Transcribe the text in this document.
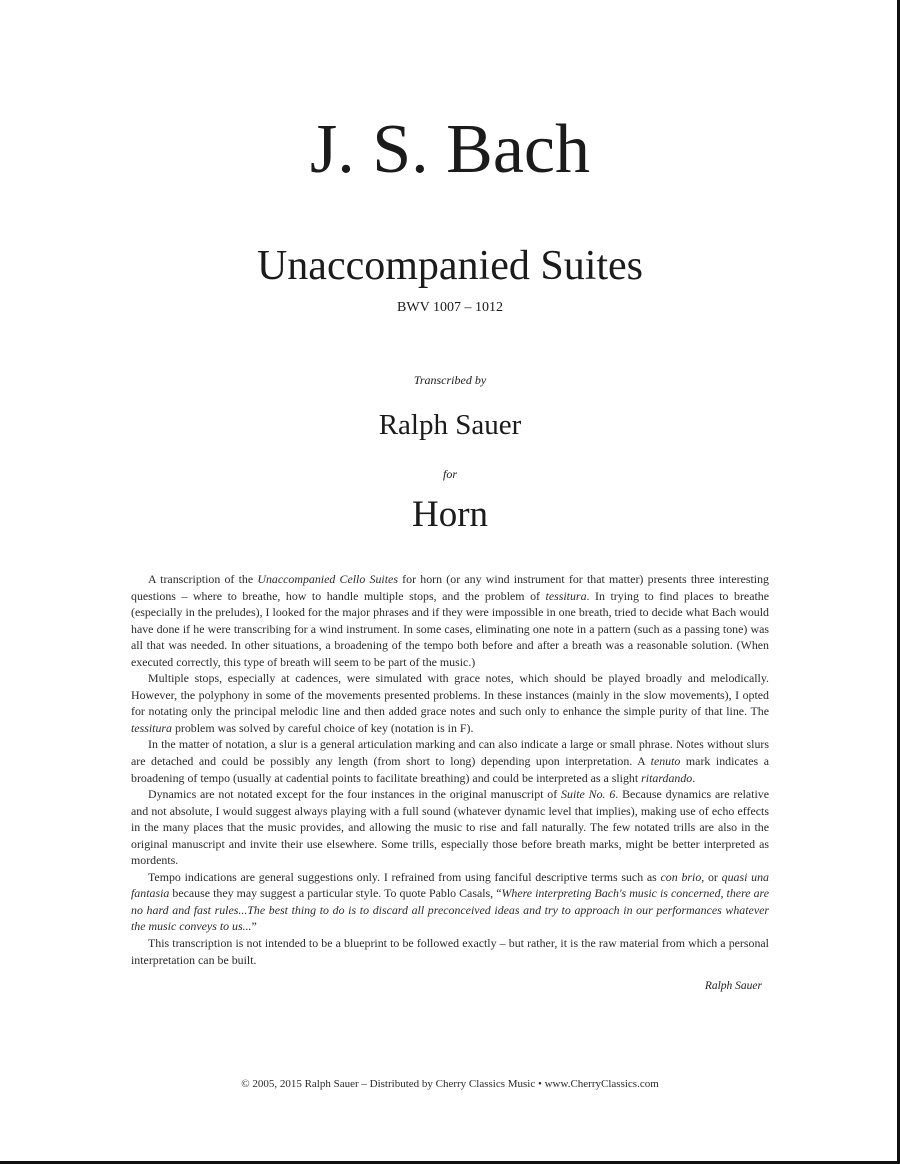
J. S. Bach
Unaccompanied Suites
BWV 1007 – 1012
Transcribed by
Ralph Sauer
for
Horn

A transcription of the Unaccompanied Cello Suites for horn (or any wind instrument for that matter) presents three interesting questions – where to breathe, how to handle multiple stops, and the problem of tessitura. In trying to find places to breathe (especially in the preludes), I looked for the major phrases and if they were impossible in one breath, tried to decide what Bach would have done if he were transcribing for a wind instrument. In some cases, eliminating one note in a pattern (such as a passing tone) was all that was needed. In other situations, a broadening of the tempo both before and after a breath was a reasonable solution. (When executed correctly, this type of breath will seem to be part of the music.)

Multiple stops, especially at cadences, were simulated with grace notes, which should be played broadly and melodically. However, the polyphony in some of the movements presented problems. In these instances (mainly in the slow movements), I opted for notating only the principal melodic line and then added grace notes and such only to enhance the simple purity of that line. The tessitura problem was solved by careful choice of key (notation is in F).

In the matter of notation, a slur is a general articulation marking and can also indicate a large or small phrase. Notes without slurs are detached and could be possibly any length (from short to long) depending upon interpretation. A tenuto mark indicates a broadening of tempo (usually at cadential points to facilitate breathing) and could be interpreted as a slight ritardando.

Dynamics are not notated except for the four instances in the original manuscript of Suite No. 6. Because dynamics are relative and not absolute, I would suggest always playing with a full sound (whatever dynamic level that implies), making use of echo effects in the many places that the music provides, and allowing the music to rise and fall naturally. The few notated trills are also in the original manuscript and invite their use elsewhere. Some trills, especially those before breath marks, might be better interpreted as mordents.

Tempo indications are general suggestions only. I refrained from using fanciful descriptive terms such as con brio, or quasi una fantasia because they may suggest a particular style. To quote Pablo Casals, “Where interpreting Bach's music is concerned, there are no hard and fast rules...The best thing to do is to discard all preconceived ideas and try to approach in our performances whatever the music conveys to us...”

This transcription is not intended to be a blueprint to be followed exactly – but rather, it is the raw material from which a personal interpretation can be built.

Ralph Sauer
© 2005, 2015 Ralph Sauer – Distributed by Cherry Classics Music • www.CherryClassics.com
